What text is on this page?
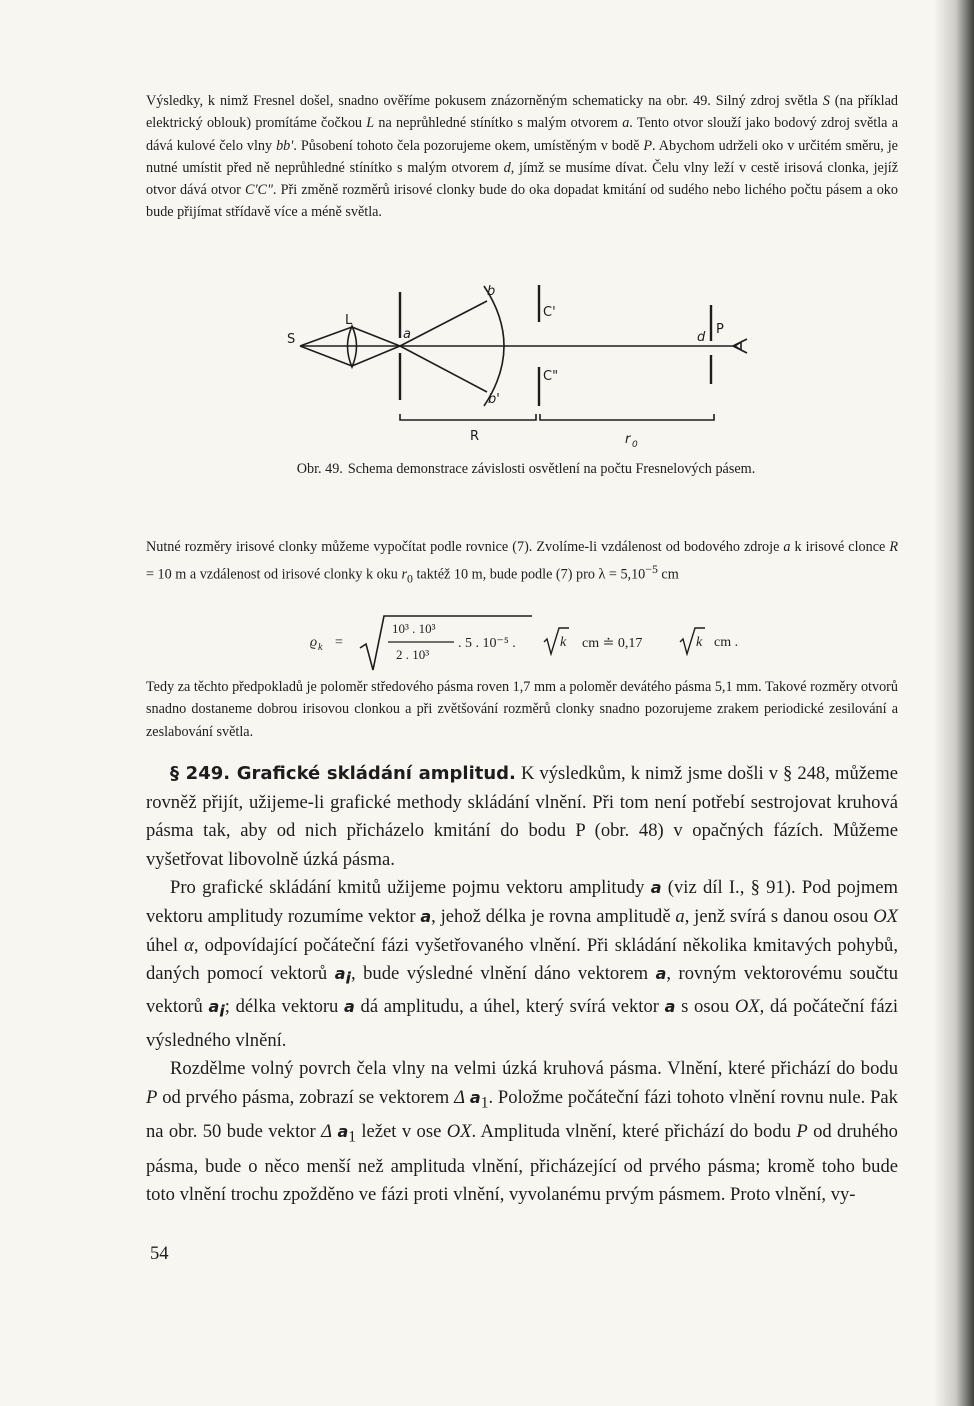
Výsledky, k nimž Fresnel došel, snadno ověříme pokusem znázorněným schematicky na obr. 49. Silný zdroj světla S (na příklad elektrický oblouk) promítáme čočkou L na neprůhledné stínítko s malým otvorem a. Tento otvor slouží jako bodový zdroj světla a dává kulové čelo vlny bb'. Působení tohoto čela pozorujeme okem, umístěným v bodě P. Abychom udrželi oko v určitém směru, je nutné umístit před ně neprůhledné stínítko s malým otvorem d, jímž se musíme dívat. Čelu vlny leží v cestě irisová clonka, jejíž otvor dává otvor C'C". Při změně rozměrů irisové clonky bude do oka dopadat kmitání od sudého nebo lichého počtu pásem a oko bude přijímat střídavě více a méně světla.

S
L
a
b
b'
C'
C"
d
P
R	r 0
Obr. 49. Schema demonstrace závislosti osvětlení na počtu Fresnelových pásem.

Nutné rozměry irisové clonky můžeme vypočítat podle rovnice (7). Zvolíme-li vzdálenost od bodového zdroje a k irisové clonce R = 10 m a vzdálenost od irisové clonky k oku $r_0$ taktéž 10 m, bude podle (7) pro $\lambda = 5,10^{-5}$ cm

ϱ k =
10³ . 10³
2 . 10³
. 5 . 10⁻⁵ .	k cm ≐ 0,17	k cm .

Tedy za těchto předpokladů je poloměr středového pásma roven 1,7 mm a poloměr devátého pásma 5,1 mm. Takové rozměry otvorů snadno dostaneme dobrou irisovou clonkou a při zvětšování rozměrů clonky snadno pozorujeme zrakem periodické zesilování a zeslabování světla.

§ 249. Grafické skládání amplitud. K výsledkům, k nimž jsme došli v § 248, můžeme rovněž přijít, užijeme-li grafické methody skládání vlnění. Při tom není potřebí sestrojovat kruhová pásma tak, aby od nich přicházelo kmitání do bodu P (obr. 48) v opačných fázích. Můžeme vyšetřovat libovolně úzká pásma.

Pro grafické skládání kmitů užijeme pojmu vektoru amplitudy a (viz díl I., § 91). Pod pojmem vektoru amplitudy rozumíme vektor a, jehož délka je rovna amplitudě a, jenž svírá s danou osou OX úhel α, odpovídající počáteční fázi vyšetřovaného vlnění. Při skládání několika kmitavých pohybů, daných pomocí vektorů $a_i$, bude výsledné vlnění dáno vektorem a, rovným vektorovému součtu vektorů $a_i$; délka vektoru a dá amplitudu, a úhel, který svírá vektor a s osou OX, dá počáteční fázi výsledného vlnění.

Rozdělme volný povrch čela vlny na velmi úzká kruhová pásma. Vlnění, které přichází do bodu P od prvého pásma, zobrazí se vektorem Δ $a_1$. Položme počáteční fázi tohoto vlnění rovnu nule. Pak na obr. 50 bude vektor Δ $a_1$ ležet v ose OX. Amplituda vlnění, které přichází do bodu P od druhého pásma, bude o něco menší než amplituda vlnění, přicházející od prvého pásma; kromě toho bude toto vlnění trochu zpožděno ve fázi proti vlnění, vyvolanému prvým pásmem. Proto vlnění, vy-

54
